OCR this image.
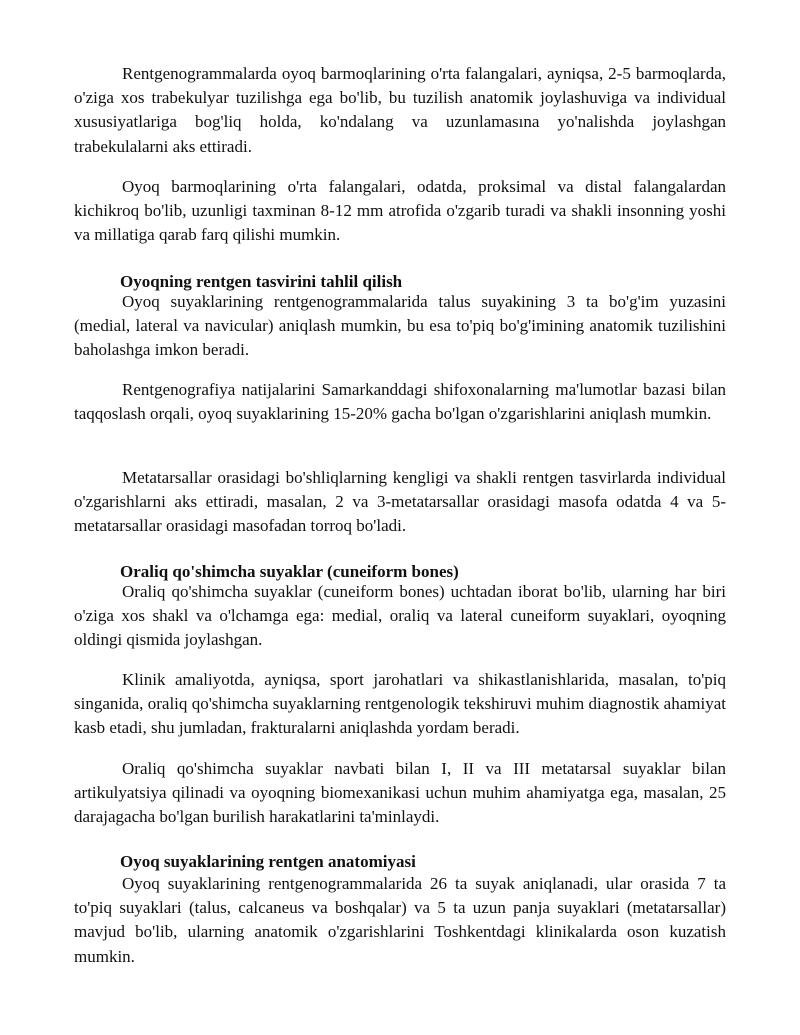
Rentgenogrammalarda oyoq barmoqlarining o'rta falangalari, ayniqsa, 2-5 barmoqlarda, o'ziga xos trabekulyar tuzilishga ega bo'lib, bu tuzilish anatomik joylashuviga va individual xususiyatlariga bog'liq holda, ko'ndalang va uzunlamasına yo'nalishda joylashgan trabekulalarni aks ettiradi.

Oyoq barmoqlarining o'rta falangalari, odatda, proksimal va distal falangalardan kichikroq bo'lib, uzunligi taxminan 8-12 mm atrofida o'zgarib turadi va shakli insonning yoshi va millatiga qarab farq qilishi mumkin.

Oyoqning rentgen tasvirini tahlil qilish

Oyoq suyaklarining rentgenogrammalarida talus suyakining 3 ta bo'g'im yuzasini (medial, lateral va navicular) aniqlash mumkin, bu esa to'piq bo'g'imining anatomik tuzilishini baholashga imkon beradi.

Rentgenografiya natijalarini Samarkanddagi shifoxonalarning ma'lumotlar bazasi bilan taqqoslash orqali, oyoq suyaklarining 15-20% gacha bo'lgan o'zgarishlarini aniqlash mumkin.

Metatarsallar orasidagi bo'shliqlarning kengligi va shakli rentgen tasvirlarda individual o'zgarishlarni aks ettiradi, masalan, 2 va 3-metatarsallar orasidagi masofa odatda 4 va 5-metatarsallar orasidagi masofadan torroq bo'ladi.

Oraliq qo'shimcha suyaklar (cuneiform bones)

Oraliq qo'shimcha suyaklar (cuneiform bones) uchtadan iborat bo'lib, ularning har biri o'ziga xos shakl va o'lchamga ega: medial, oraliq va lateral cuneiform suyaklari, oyoqning oldingi qismida joylashgan.

Klinik amaliyotda, ayniqsa, sport jarohatlari va shikastlanishlarida, masalan, to'piq singanida, oraliq qo'shimcha suyaklarning rentgenologik tekshiruvi muhim diagnostik ahamiyat kasb etadi, shu jumladan, frakturalarni aniqlashda yordam beradi.

Oraliq qo'shimcha suyaklar navbati bilan I, II va III metatarsal suyaklar bilan artikulyatsiya qilinadi va oyoqning biomexanikasi uchun muhim ahamiyatga ega, masalan, 25 darajagacha bo'lgan burilish harakatlarini ta'minlaydi.

Oyoq suyaklarining rentgen anatomiyasi

Oyoq suyaklarining rentgenogrammalarida 26 ta suyak aniqlanadi, ular orasida 7 ta to'piq suyaklari (talus, calcaneus va boshqalar) va 5 ta uzun panja suyaklari (metatarsallar) mavjud bo'lib, ularning anatomik o'zgarishlarini Toshkentdagi klinikalarda oson kuzatish mumkin.
